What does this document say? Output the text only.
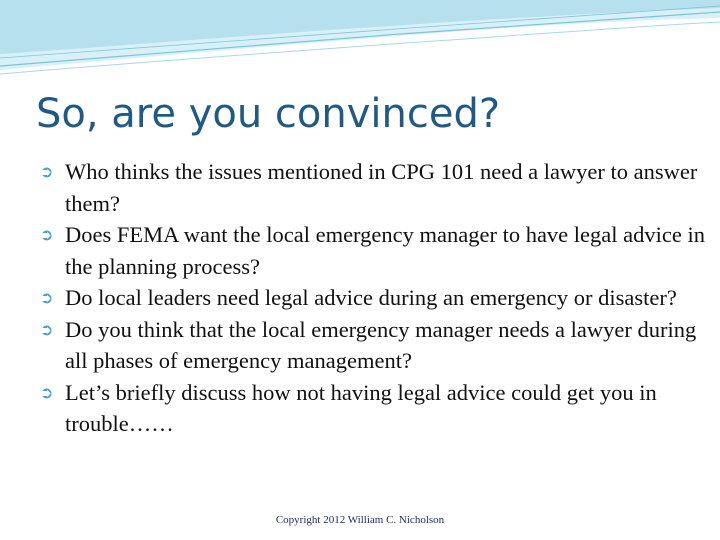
So, are you convinced?
➲ Who thinks the issues mentioned in CPG 101 need a lawyer to answer them?
➲ Does FEMA want the local emergency manager to have legal advice in the planning process?
➲ Do local leaders need legal advice during an emergency or disaster?
➲ Do you think that the local emergency manager needs a lawyer during all phases of emergency management?
➲ Let’s briefly discuss how not having legal advice could get you in trouble……
Copyright 2012 William C. Nicholson
